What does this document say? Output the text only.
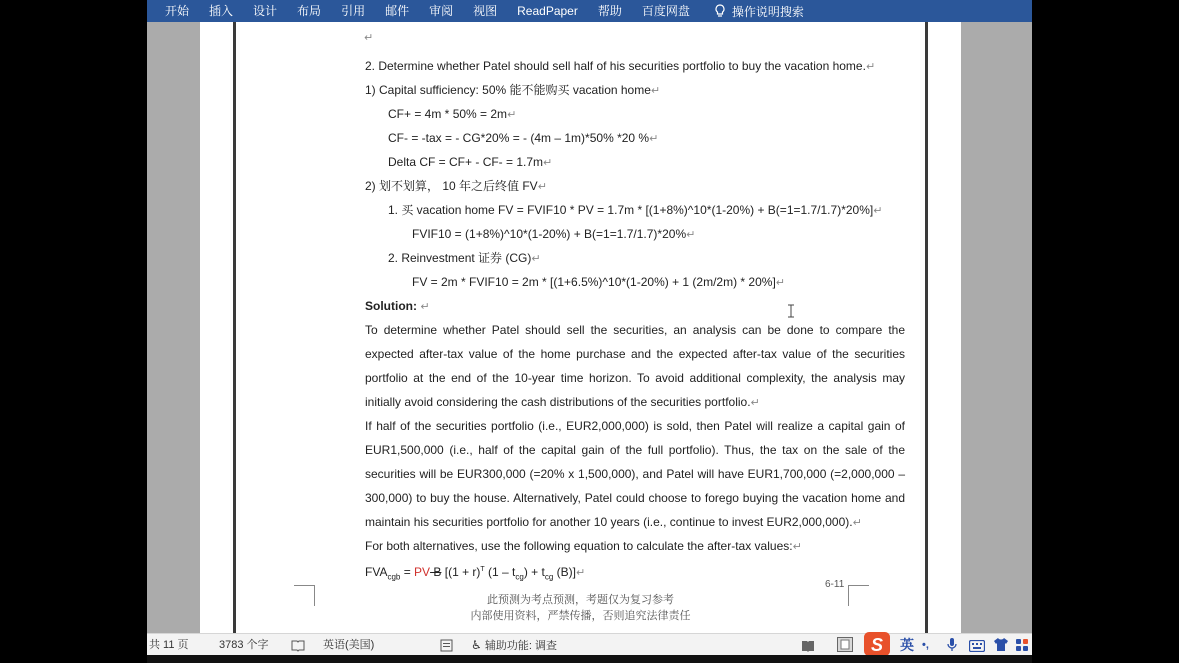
开始	插入	设计	布局	引用	邮件	审阅	视图	ReadPaper	帮助	百度网盘	操作说明搜索
↵
2. Determine whether Patel should sell half of his securities portfolio to buy the vacation home.↵
1) Capital sufficiency: 50% 能不能购买 vacation home↵
CF+ = 4m * 50% = 2m↵
CF- = -tax = - CG*20% = - (4m – 1m)*50% *20 %↵
Delta CF = CF+ - CF- = 1.7m↵
2) 划不划算， 10 年之后终值 FV↵
1. 买 vacation home FV = FVIF10 * PV = 1.7m * [(1+8%)^10*(1-20%) + B(=1=1.7/1.7)*20%]↵
FVIF10 = (1+8%)^10*(1-20%) + B(=1=1.7/1.7)*20%↵
2. Reinvestment 证券 (CG)↵
FV = 2m * FVIF10 = 2m * [(1+6.5%)^10*(1-20%) + 1 (2m/2m) * 20%]↵
Solution: ↵
To determine whether Patel should sell the securities, an analysis can be done to compare the expected after-tax value of the home purchase and the expected after-tax value of the securities portfolio at the end of the 10-year time horizon. To avoid additional complexity, the analysis may initially avoid considering the cash distributions of the securities portfolio.↵
If half of the securities portfolio (i.e., EUR2,000,000) is sold, then Patel will realize a capital gain of EUR1,500,000 (i.e., half of the capital gain of the full portfolio). Thus, the tax on the sale of the securities will be EUR300,000 (=20% x 1,500,000), and Patel will have EUR1,700,000 (=2,000,000 – 300,000) to buy the house. Alternatively, Patel could choose to forego buying the vacation home and maintain his securities portfolio for another 10 years (i.e., continue to invest EUR2,000,000).↵
For both alternatives, use the following equation to calculate the after-tax values:↵
$FVA_{cgb}$ = PV B [$(1 + r)^T$ $(1 - t_{cg}) + t_{cg}$ (B)]↵
6-11
此预测为考点预测，考题仅为复习参考
内部使用资料，严禁传播，否则追究法律责任
共 11 页	3783 个字	英语(美国)	♿ 辅助功能: 调查	S 英 •,
